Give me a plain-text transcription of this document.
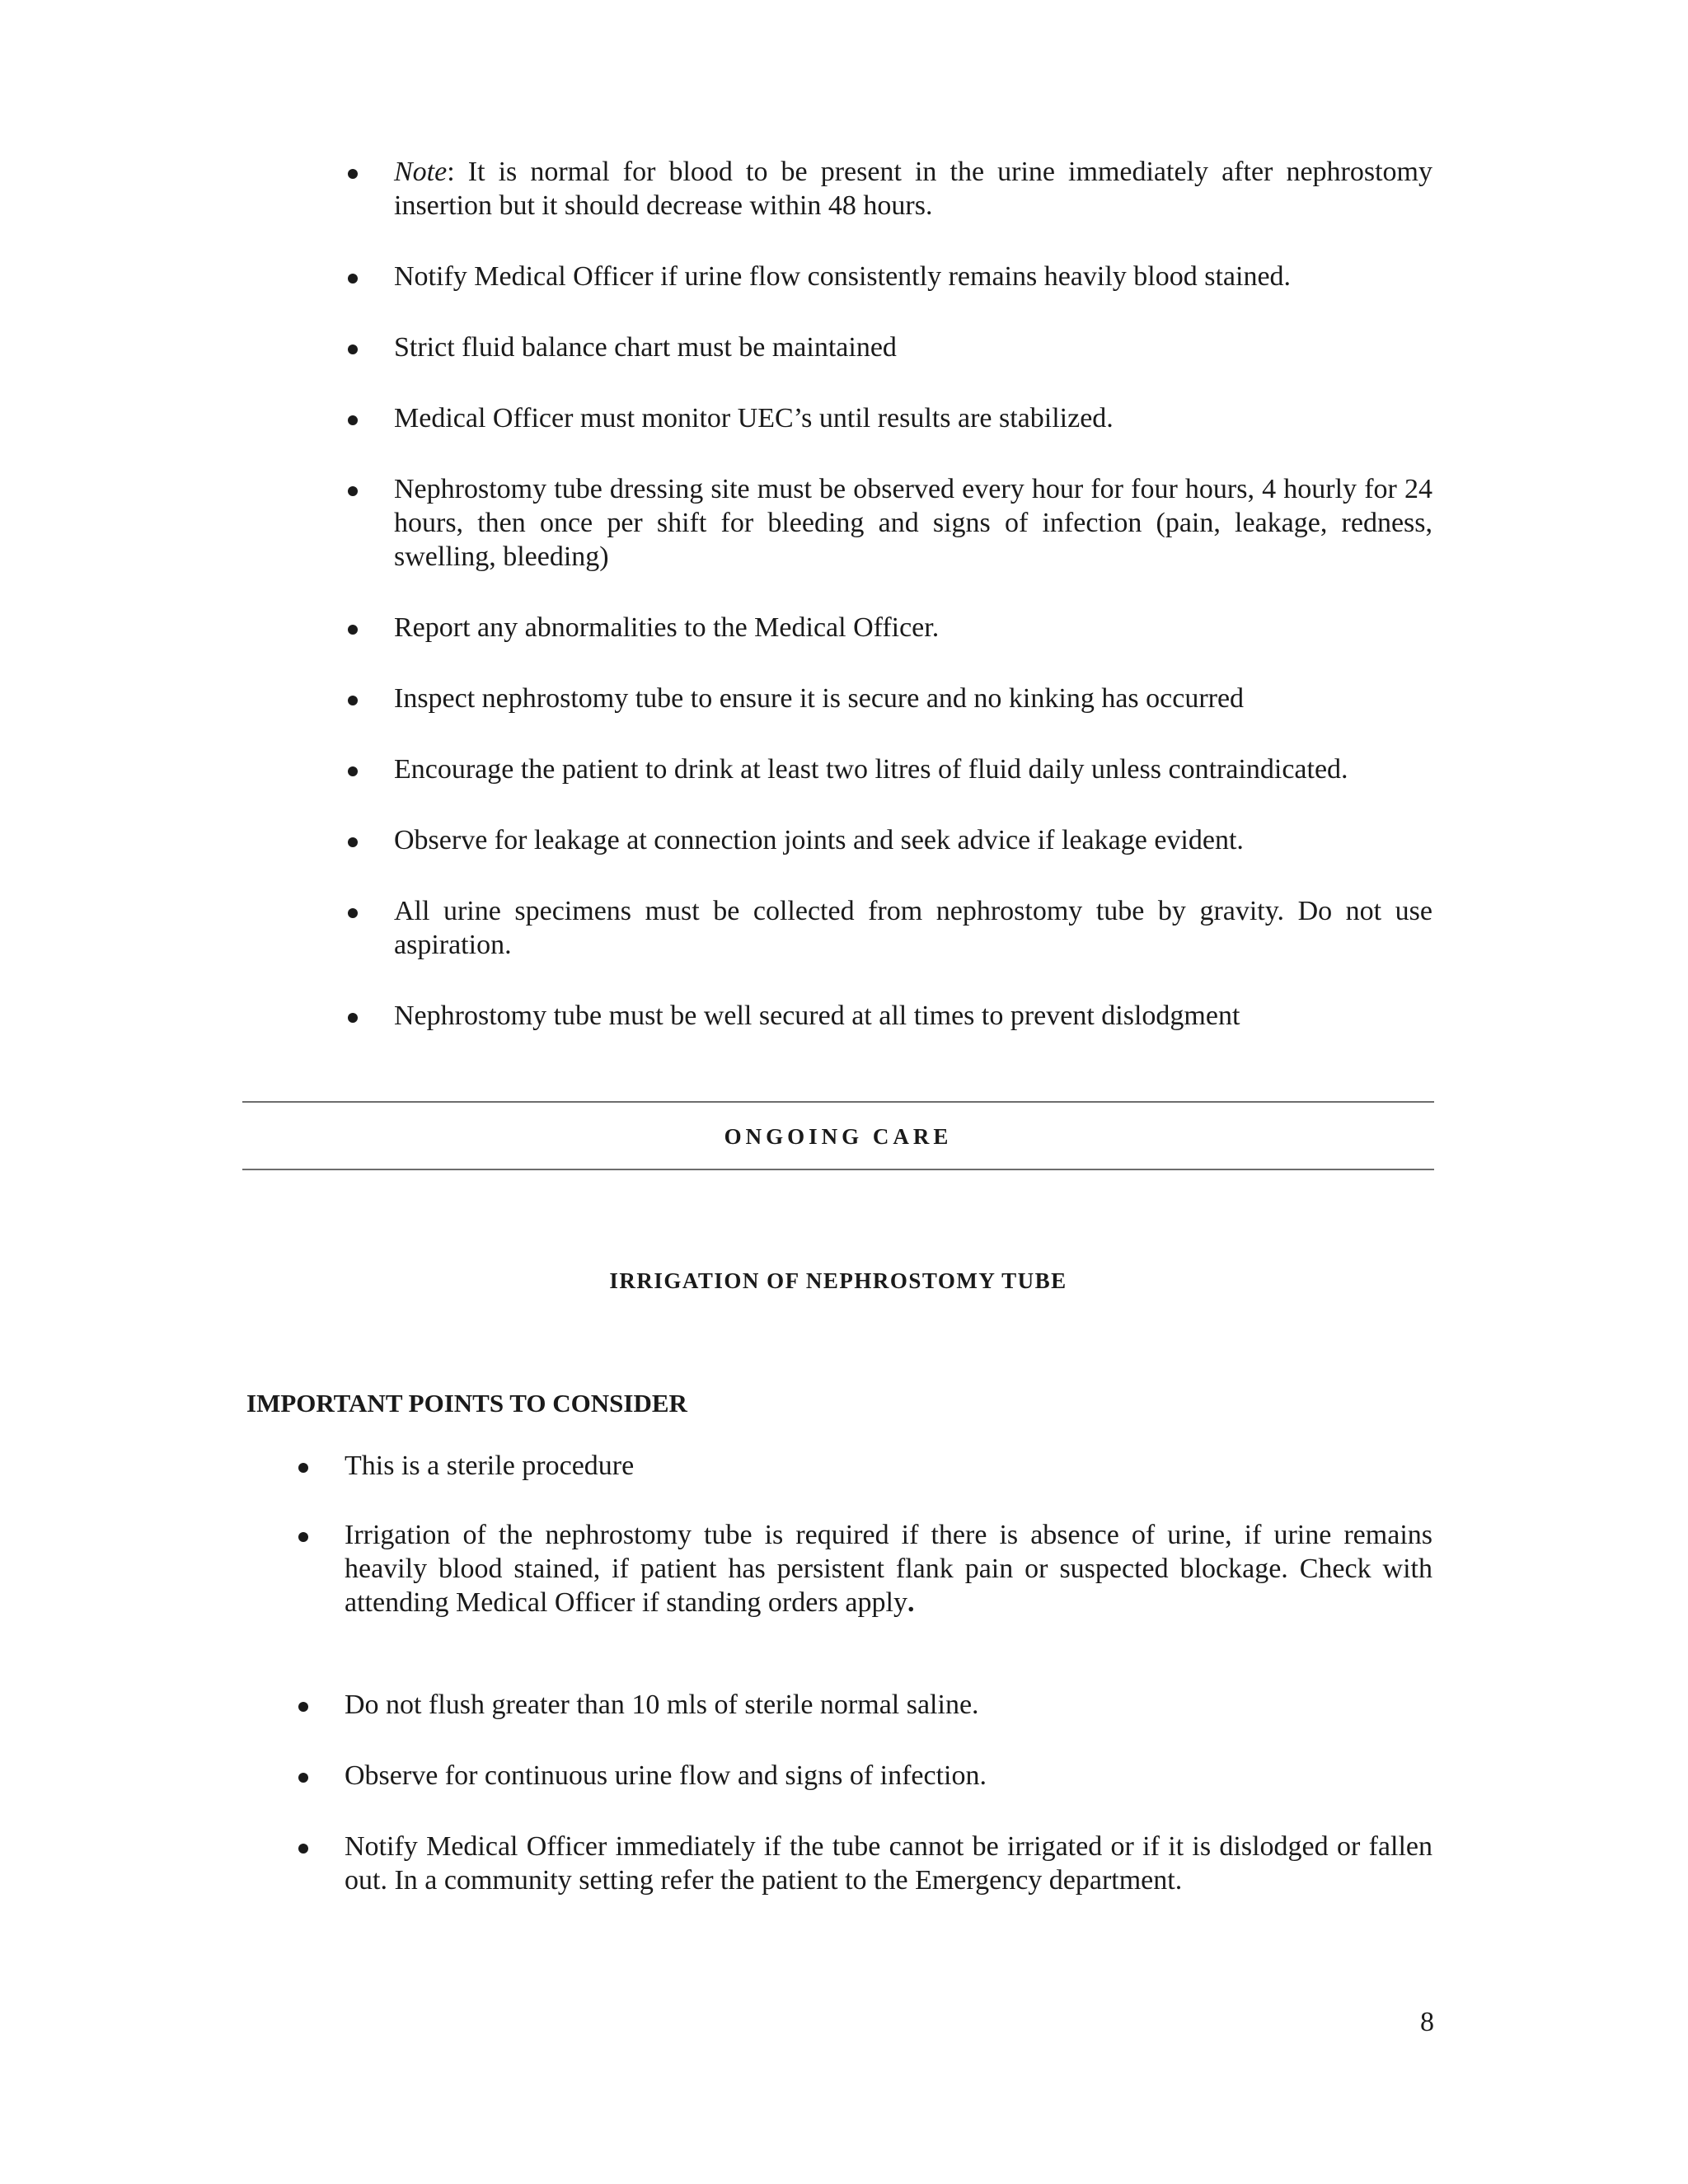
Note: It is normal for blood to be present in the urine immediately after nephrostomy insertion but it should decrease within 48 hours.
Notify Medical Officer if urine flow consistently remains heavily blood stained.
Strict fluid balance chart must be maintained
Medical Officer must monitor UEC’s until results are stabilized.
Nephrostomy tube dressing site must be observed every hour for four hours, 4 hourly for 24 hours, then once per shift for bleeding and signs of infection (pain, leakage, redness, swelling, bleeding)
Report any abnormalities to the Medical Officer.
Inspect nephrostomy tube to ensure it is secure and no kinking has occurred
Encourage the patient to drink at least two litres of fluid daily unless contraindicated.
Observe for leakage at connection joints and seek advice if leakage evident.
All urine specimens must be collected from nephrostomy tube by gravity. Do not use aspiration.
Nephrostomy tube must be well secured at all times to prevent dislodgment
ONGOING CARE
IRRIGATION OF NEPHROSTOMY TUBE
IMPORTANT POINTS TO CONSIDER
This is a sterile procedure
Irrigation of the nephrostomy tube is required if there is absence of urine, if urine remains heavily blood stained, if patient has persistent flank pain or suspected blockage. Check with attending Medical Officer if standing orders apply.
Do not flush greater than 10 mls of sterile normal saline.
Observe for continuous urine flow and signs of infection.
Notify Medical Officer immediately if the tube cannot be irrigated or if it is dislodged or fallen out. In a community setting refer the patient to the Emergency department.
8
